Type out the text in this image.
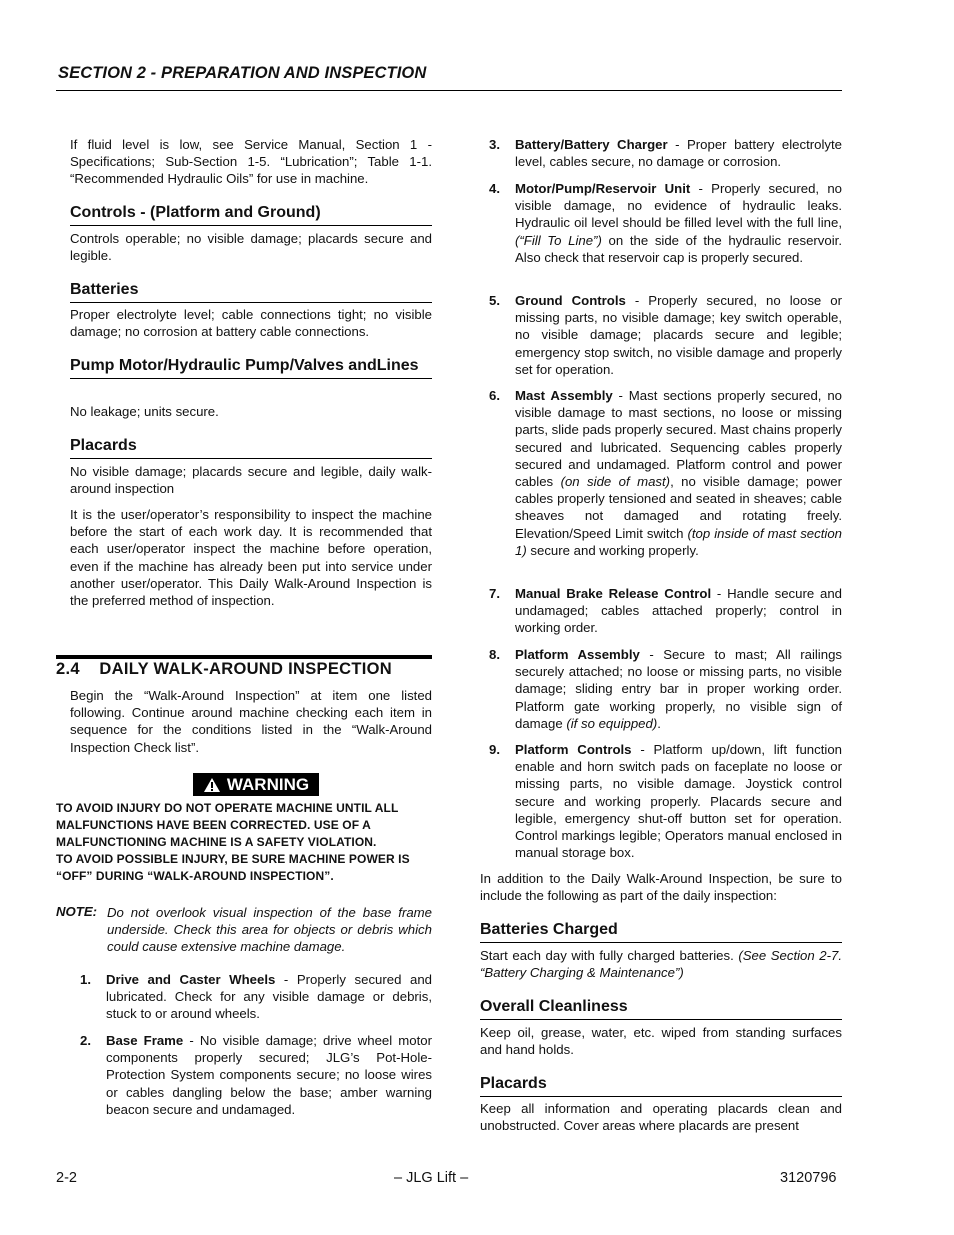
SECTION 2 - PREPARATION AND INSPECTION

If fluid level is low, see Service Manual, Section 1 - Specifications; Sub-Section 1-5. “Lubrication”; Table 1-1. “Recommended Hydraulic Oils” for use in machine.

Controls - (Platform and Ground)

Controls operable; no visible damage; placards secure and legible.

Batteries

Proper electrolyte level; cable connections tight; no visible damage; no corrosion at battery cable connections.

Pump Motor/Hydraulic Pump/Valves andLines

No leakage; units secure.

Placards

No visible damage; placards secure and legible, daily walk-around inspection

It is the user/operator’s responsibility to inspect the machine before the start of each work day. It is recommended that each user/operator inspect the machine before operation, even if the machine has already been put into service under another user/operator. This Daily Walk-Around Inspection is the preferred method of inspection.

2.4 DAILY WALK-AROUND INSPECTION

Begin the “Walk-Around Inspection” at item one listed following. Continue around machine checking each item in sequence for the conditions listed in the “Walk-Around Inspection Check list”.

WARNING
TO AVOID INJURY DO NOT OPERATE MACHINE UNTIL ALL MALFUNCTIONS HAVE BEEN CORRECTED. USE OF A MALFUNCTIONING MACHINE IS A SAFETY VIOLATION.
TO AVOID POSSIBLE INJURY, BE SURE MACHINE POWER IS “OFF” DURING “WALK-AROUND INSPECTION”.
NOTE: Do not overlook visual inspection of the base frame underside. Check this area for objects or debris which could cause extensive machine damage.
1. Drive and Caster Wheels - Properly secured and lubricated. Check for any visible damage or debris, stuck to or around wheels.
2. Base Frame - No visible damage; drive wheel motor components properly secured; JLG’s Pot-Hole-Protection System components secure; no loose wires or cables dangling below the base; amber warning beacon secure and undamaged.
3. Battery/Battery Charger - Proper battery electrolyte level, cables secure, no damage or corrosion.
4. Motor/Pump/Reservoir Unit - Properly secured, no visible damage, no evidence of hydraulic leaks. Hydraulic oil level should be filled level with the full line, (“Fill To Line”) on the side of the hydraulic reservoir. Also check that reservoir cap is properly secured.
5. Ground Controls - Properly secured, no loose or missing parts, no visible damage; key switch operable, no visible damage; placards secure and legible; emergency stop switch, no visible damage and properly set for operation.
6. Mast Assembly - Mast sections properly secured, no visible damage to mast sections, no loose or missing parts, slide pads properly secured. Mast chains properly secured and lubricated. Sequencing cables properly secured and undamaged. Platform control and power cables (on side of mast), no visible damage; power cables properly tensioned and seated in sheaves; cable sheaves not damaged and rotating freely. Elevation/Speed Limit switch (top inside of mast section 1) secure and working properly.
7. Manual Brake Release Control - Handle secure and undamaged; cables attached properly; control in working order.
8. Platform Assembly - Secure to mast; All railings securely attached; no loose or missing parts, no visible damage; sliding entry bar in proper working order. Platform gate working properly, no visible sign of damage (if so equipped).
9. Platform Controls - Platform up/down, lift function enable and horn switch pads on faceplate no loose or missing parts, no visible damage. Joystick control secure and working properly. Placards secure and legible, emergency shut-off button set for operation. Control markings legible; Operators manual enclosed in manual storage box.

In addition to the Daily Walk-Around Inspection, be sure to include the following as part of the daily inspection:

Batteries Charged

Start each day with fully charged batteries. (See Section 2-7. “Battery Charging & Maintenance”)

Overall Cleanliness

Keep oil, grease, water, etc. wiped from standing surfaces and hand holds.

Placards

Keep all information and operating placards clean and unobstructed. Cover areas where placards are present

2-2	– JLG Lift –	3120796
